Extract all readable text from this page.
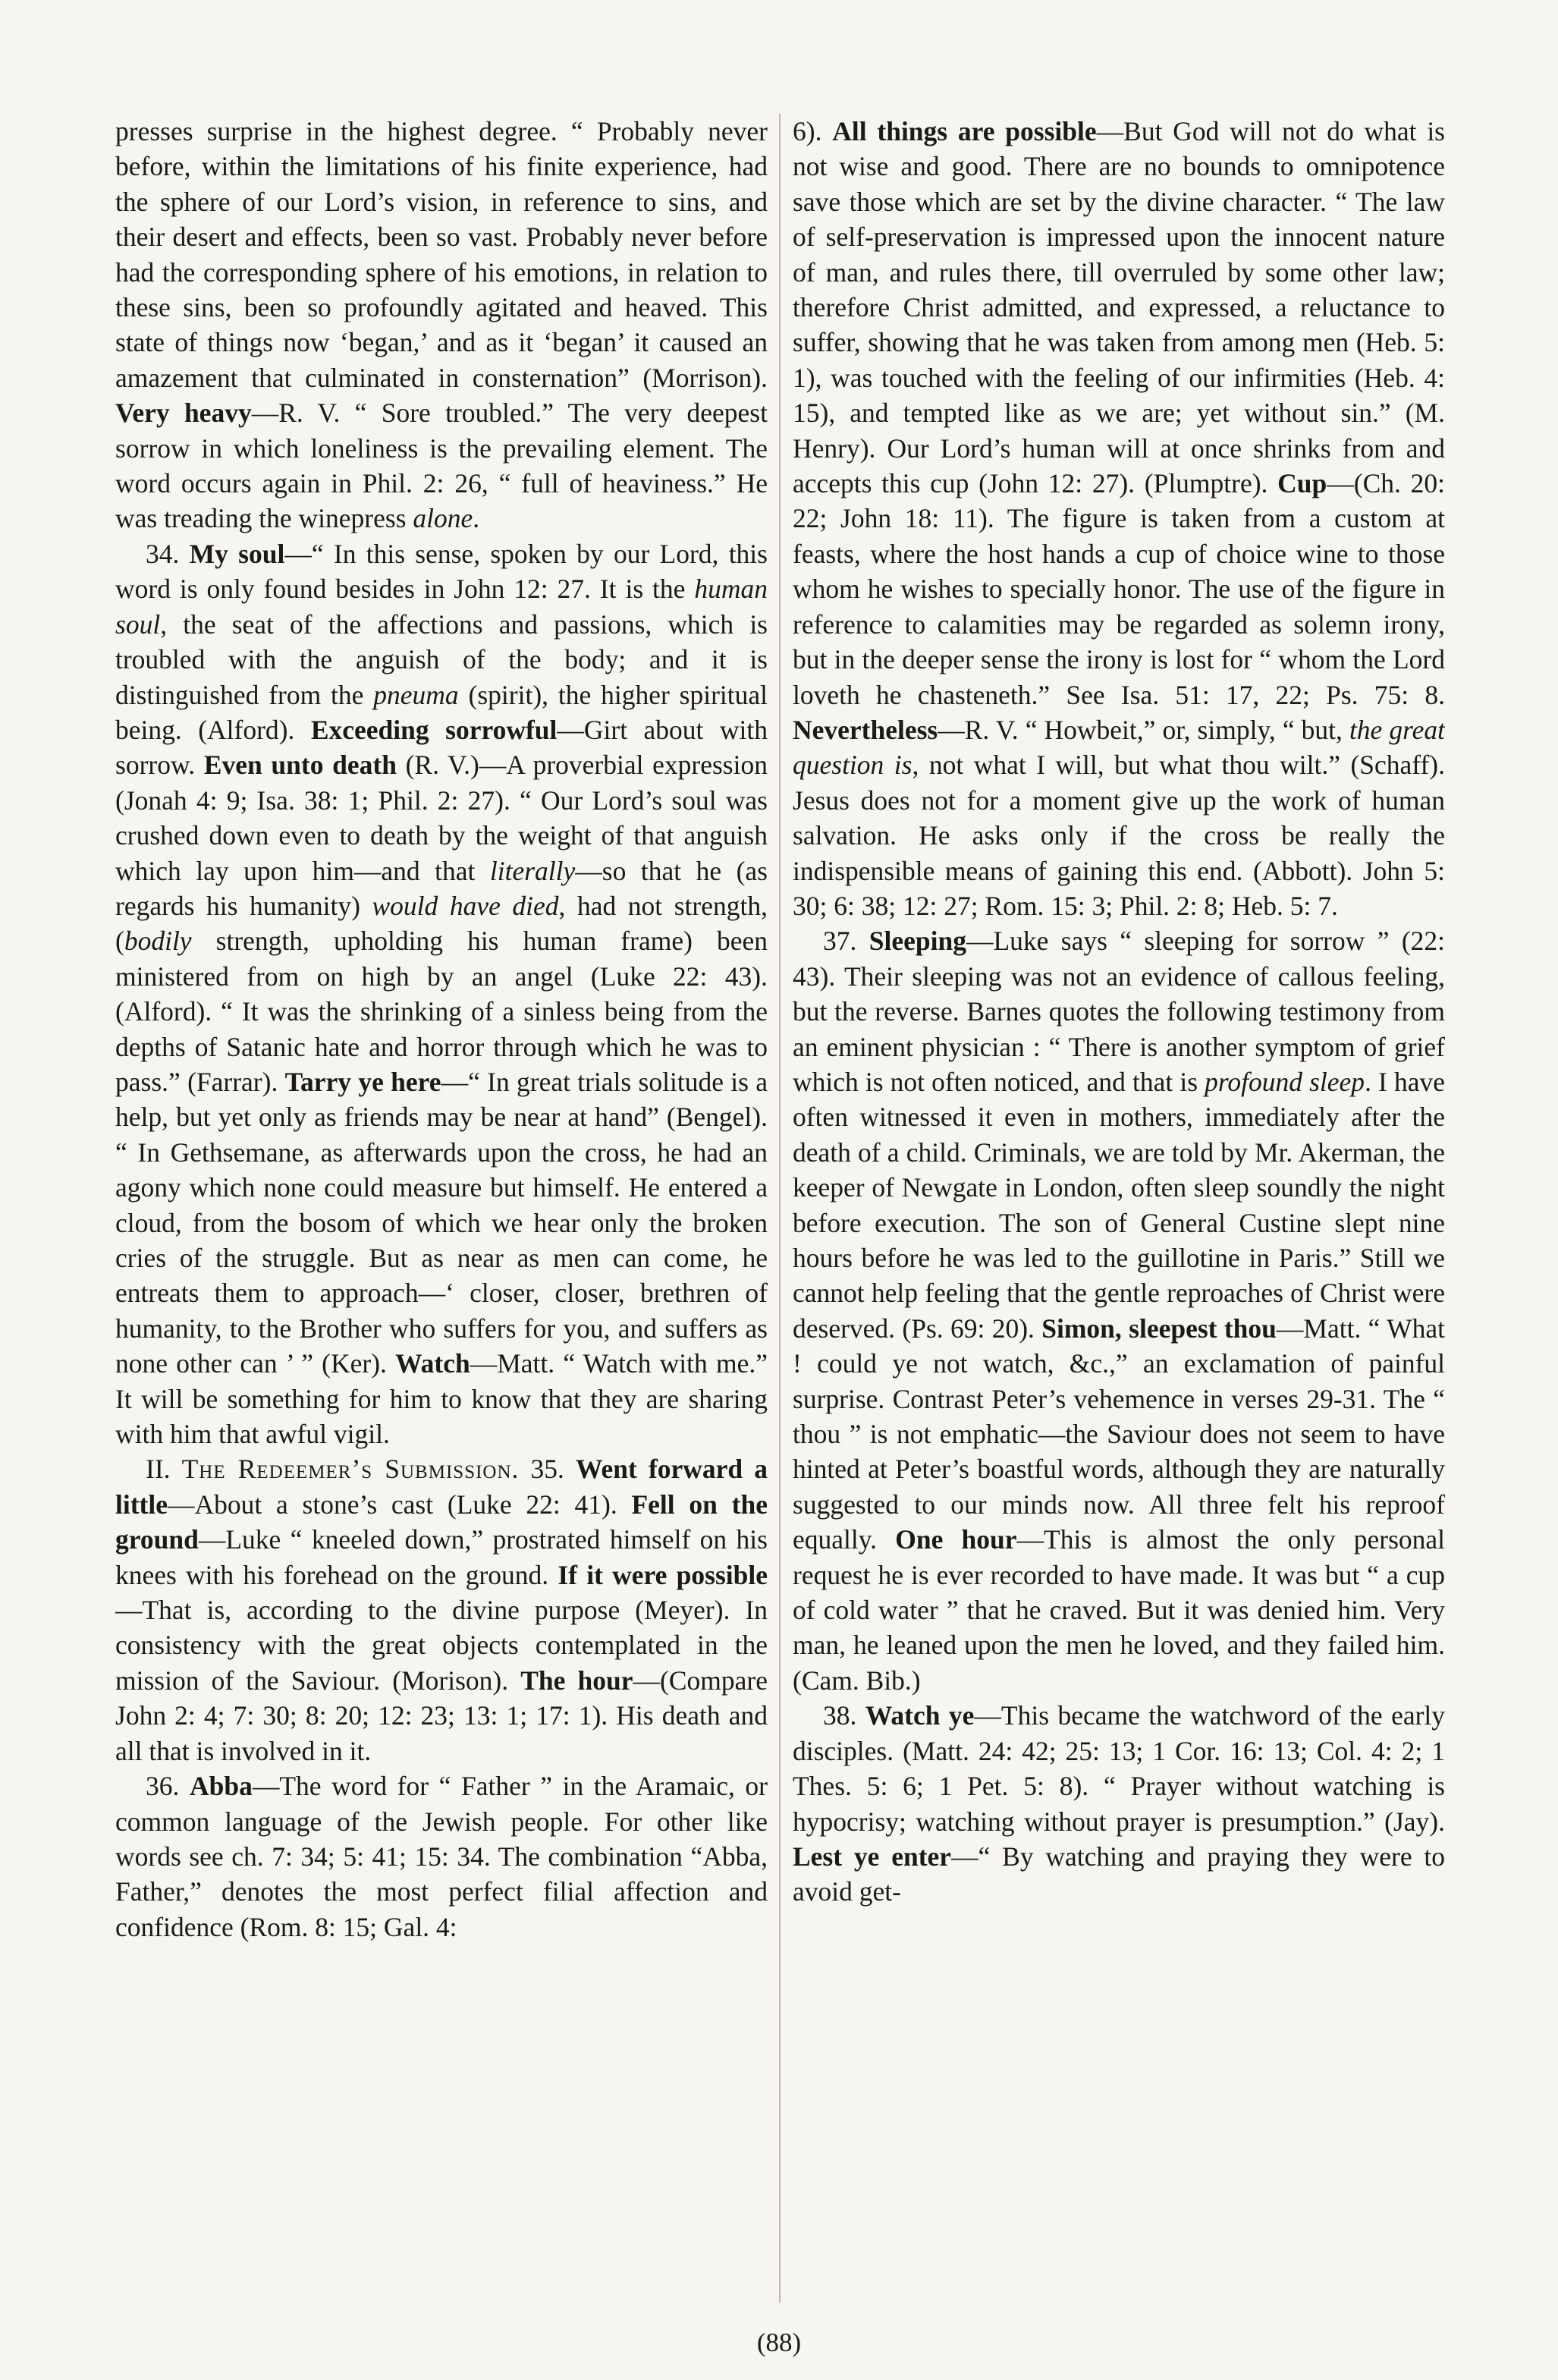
presses surprise in the highest degree. “ Probably never before, within the limitations of his finite experience, had the sphere of our Lord’s vision, in reference to sins, and their desert and effects, been so vast. Probably never before had the corresponding sphere of his emotions, in relation to these sins, been so profoundly agitated and heaved. This state of things now ‘began,’ and as it ‘began’ it caused an amazement that culminated in consternation” (Morrison). Very heavy—R. V. “ Sore troubled.” The very deepest sorrow in which loneliness is the prevailing element. The word occurs again in Phil. 2: 26, “ full of heaviness.” He was treading the winepress alone.

34. My soul—“ In this sense, spoken by our Lord, this word is only found besides in John 12: 27. It is the human soul, the seat of the affections and passions, which is troubled with the anguish of the body; and it is distinguished from the pneuma (spirit), the higher spiritual being. (Alford). Exceeding sorrowful—Girt about with sorrow. Even unto death (R. V.)—A proverbial expression (Jonah 4: 9; Isa. 38: 1; Phil. 2: 27). “ Our Lord’s soul was crushed down even to death by the weight of that anguish which lay upon him—and that literally—so that he (as regards his humanity) would have died, had not strength, (bodily strength, upholding his human frame) been ministered from on high by an angel (Luke 22: 43). (Alford). “ It was the shrinking of a sinless being from the depths of Satanic hate and horror through which he was to pass.” (Farrar). Tarry ye here—“ In great trials solitude is a help, but yet only as friends may be near at hand” (Bengel). “ In Gethsemane, as afterwards upon the cross, he had an agony which none could measure but himself. He entered a cloud, from the bosom of which we hear only the broken cries of the struggle. But as near as men can come, he entreats them to approach—‘ closer, closer, brethren of humanity, to the Brother who suffers for you, and suffers as none other can ’ ” (Ker). Watch—Matt. “ Watch with me.” It will be something for him to know that they are sharing with him that awful vigil.

II. The Redeemer’s Submission. 35. Went forward a little—About a stone’s cast (Luke 22: 41). Fell on the ground—Luke “ kneeled down,” prostrated himself on his knees with his forehead on the ground. If it were possible—That is, according to the divine purpose (Meyer). In consistency with the great objects contemplated in the mission of the Saviour. (Morison). The hour—(Compare John 2: 4; 7: 30; 8: 20; 12: 23; 13: 1; 17: 1). His death and all that is involved in it.

36. Abba—The word for “ Father ” in the Aramaic, or common language of the Jewish people. For other like words see ch. 7: 34; 5: 41; 15: 34. The combination “Abba, Father,” denotes the most perfect filial affection and confidence (Rom. 8: 15; Gal. 4:

6). All things are possible—But God will not do what is not wise and good. There are no bounds to omnipotence save those which are set by the divine character. “ The law of self-preservation is impressed upon the innocent nature of man, and rules there, till overruled by some other law; therefore Christ admitted, and expressed, a reluctance to suffer, showing that he was taken from among men (Heb. 5: 1), was touched with the feeling of our infirmities (Heb. 4: 15), and tempted like as we are; yet without sin.” (M. Henry). Our Lord’s human will at once shrinks from and accepts this cup (John 12: 27). (Plumptre). Cup—(Ch. 20: 22; John 18: 11). The figure is taken from a custom at feasts, where the host hands a cup of choice wine to those whom he wishes to specially honor. The use of the figure in reference to calamities may be regarded as solemn irony, but in the deeper sense the irony is lost for “ whom the Lord loveth he chasteneth.” See Isa. 51: 17, 22; Ps. 75: 8. Nevertheless—R. V. “ Howbeit,” or, simply, “ but, the great question is, not what I will, but what thou wilt.” (Schaff). Jesus does not for a moment give up the work of human salvation. He asks only if the cross be really the indispensible means of gaining this end. (Abbott). John 5: 30; 6: 38; 12: 27; Rom. 15: 3; Phil. 2: 8; Heb. 5: 7.

37. Sleeping—Luke says “ sleeping for sorrow ” (22: 43). Their sleeping was not an evidence of callous feeling, but the reverse. Barnes quotes the following testimony from an eminent physician : “ There is another symptom of grief which is not often noticed, and that is profound sleep. I have often witnessed it even in mothers, immediately after the death of a child. Criminals, we are told by Mr. Akerman, the keeper of Newgate in London, often sleep soundly the night before execution. The son of General Custine slept nine hours before he was led to the guillotine in Paris.” Still we cannot help feeling that the gentle reproaches of Christ were deserved. (Ps. 69: 20). Simon, sleepest thou—Matt. “ What ! could ye not watch, &c.,” an exclamation of painful surprise. Contrast Peter’s vehemence in verses 29-31. The “ thou ” is not emphatic—the Saviour does not seem to have hinted at Peter’s boastful words, although they are naturally suggested to our minds now. All three felt his reproof equally. One hour—This is almost the only personal request he is ever recorded to have made. It was but “ a cup of cold water ” that he craved. But it was denied him. Very man, he leaned upon the men he loved, and they failed him. (Cam. Bib.)

38. Watch ye—This became the watchword of the early disciples. (Matt. 24: 42; 25: 13; 1 Cor. 16: 13; Col. 4: 2; 1 Thes. 5: 6; 1 Pet. 5: 8). “ Prayer without watching is hypocrisy; watching without prayer is presumption.” (Jay). Lest ye enter—“ By watching and praying they were to avoid get-

(88)
